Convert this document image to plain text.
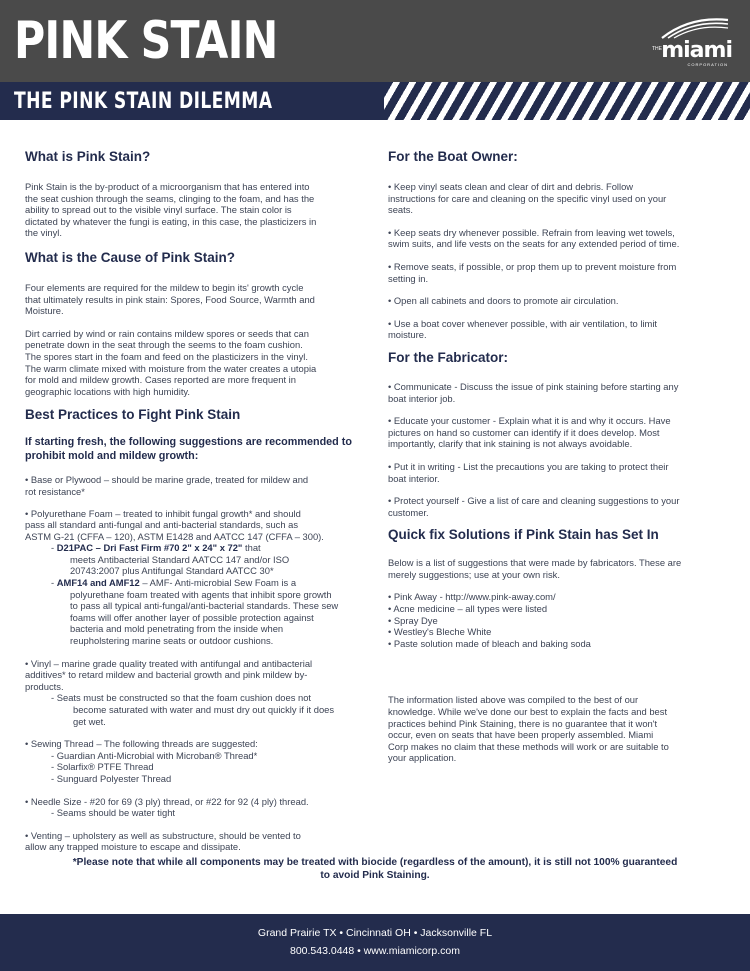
PINK STAIN	THE miami
CORPORATION
THE PINK STAIN DILEMMA
What is Pink Stain?

Pink Stain is the by-product of a microorganism that has entered into
the seat cushion through the seams, clinging to the foam, and has the
ability to spread out to the visible vinyl surface. The stain color is
dictated by whatever the fungi is eating, in this case, the plasticizers in
the vinyl.

What is the Cause of Pink Stain?

Four elements are required for the mildew to begin its' growth cycle
that ultimately results in pink stain: Spores, Food Source, Warmth and
Moisture.

Dirt carried by wind or rain contains mildew spores or seeds that can
penetrate down in the seat through the seems to the foam cushion.
The spores start in the foam and feed on the plasticizers in the vinyl.
The warm climate mixed with moisture from the water creates a utopia
for mold and mildew growth. Cases reported are more frequent in
geographic locations with high humidity.

Best Practices to Fight Pink Stain
If starting fresh, the following suggestions are recommended to
prohibit mold and mildew growth:

• Base or Plywood – should be marine grade, treated for mildew and
rot resistance*

• Polyurethane Foam – treated to inhibit fungal growth* and should
pass all standard anti-fungal and anti-bacterial standards, such as
ASTM G-21 (CFFA – 120), ASTM E1428 and AATCC 147 (CFFA – 300).

- D21PAC – Dri Fast Firm #70 2" x 24" x 72" that

meets Antibacterial Standard AATCC 147 and/or ISO
20743:2007 plus Antifungal Standard AATCC 30*

- AMF14 and AMF12 – AMF- Anti-microbial Sew Foam is a

polyurethane foam treated with agents that inhibit spore growth
to pass all typical anti-fungal/anti-bacterial standards. These sew
foams will offer another layer of possible protection against
bacteria and mold penetrating from the inside when
reupholstering marine seats or outdoor cushions.

• Vinyl – marine grade quality treated with antifungal and antibacterial
additives* to retard mildew and bacterial growth and pink mildew by-
products.

- Seats must be constructed so that the foam cushion does not

become saturated with water and must dry out quickly if it does
get wet.

• Sewing Thread – The following threads are suggested:

- Guardian Anti-Microbial with Microban® Thread*
- Solarfix® PTFE Thread
- Sunguard Polyester Thread

• Needle Size - #20 for 69 (3 ply) thread, or #22 for 92 (4 ply) thread.

- Seams should be water tight

• Venting – upholstery as well as substructure, should be vented to
allow any trapped moisture to escape and dissipate.

For the Boat Owner:

• Keep vinyl seats clean and clear of dirt and debris. Follow
instructions for care and cleaning on the specific vinyl used on your
seats.

• Keep seats dry whenever possible. Refrain from leaving wet towels,
swim suits, and life vests on the seats for any extended period of time.

• Remove seats, if possible, or prop them up to prevent moisture from
setting in.

• Open all cabinets and doors to promote air circulation.

• Use a boat cover whenever possible, with air ventilation, to limit
moisture.

For the Fabricator:

• Communicate - Discuss the issue of pink staining before starting any
boat interior job.

• Educate your customer - Explain what it is and why it occurs. Have
pictures on hand so customer can identify if it does develop. Most
importantly, clarify that ink staining is not always avoidable.

• Put it in writing - List the precautions you are taking to protect their
boat interior.

• Protect yourself - Give a list of care and cleaning suggestions to your
customer.

Quick fix Solutions if Pink Stain has Set In

Below is a list of suggestions that were made by fabricators. These are
merely suggestions; use at your own risk.

• Pink Away - http://www.pink-away.com/
• Acne medicine – all types were listed
• Spray Dye
• Westley's Bleche White
• Paste solution made of bleach and baking soda

The information listed above was compiled to the best of our
knowledge. While we've done our best to explain the facts and best
practices behind Pink Staining, there is no guarantee that it won't
occur, even on seats that have been properly assembled. Miami
Corp makes no claim that these methods will work or are suitable to
your application.

*Please note that while all components may be treated with biocide (regardless of the amount), it is still not 100% guaranteed
to avoid Pink Staining.
Grand Prairie TX • Cincinnati OH • Jacksonville FL
800.543.0448 • www.miamicorp.com
